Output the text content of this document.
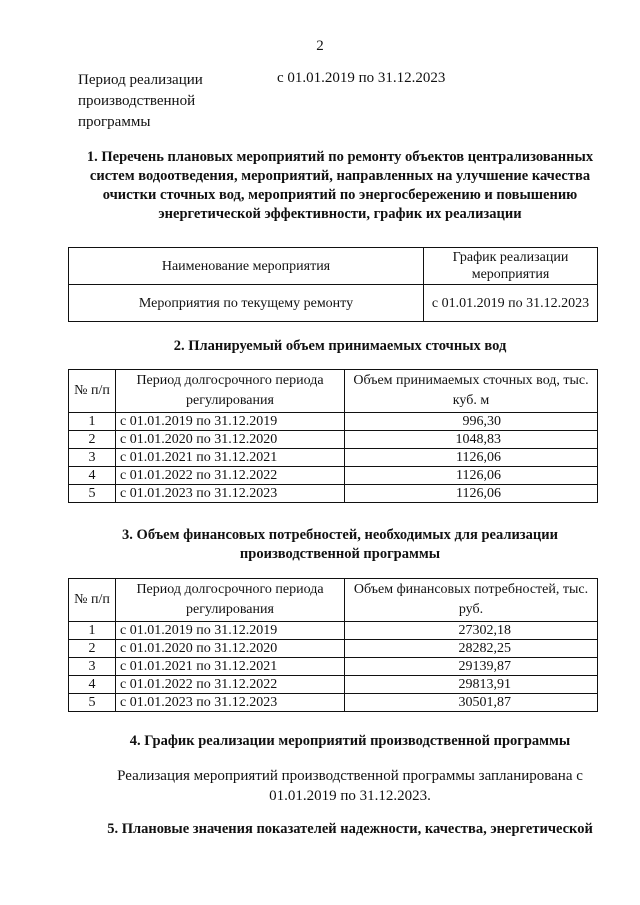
2
Период реализации производственной программы
с 01.01.2019 по 31.12.2023
1. Перечень плановых мероприятий по ремонту объектов централизованных систем водоотведения, мероприятий, направленных на улучшение качества очистки сточных вод, мероприятий по энергосбережению и повышению энергетической эффективности, график их реализации
Наименование мероприятия	График реализации мероприятия
Мероприятия по текущему ремонту	с 01.01.2019 по 31.12.2023
2. Планируемый объем принимаемых сточных вод
№ п/п	Период долгосрочного периода регулирования	Объем принимаемых сточных вод, тыс. куб. м
1	с 01.01.2019 по 31.12.2019	996,30
2	с 01.01.2020 по 31.12.2020	1048,83
3	с 01.01.2021 по 31.12.2021	1126,06
4	с 01.01.2022 по 31.12.2022	1126,06
5	с 01.01.2023 по 31.12.2023	1126,06
3. Объем финансовых потребностей, необходимых для реализации производственной программы
№ п/п	Период долгосрочного периода регулирования	Объем финансовых потребностей, тыс. руб.
1	с 01.01.2019 по 31.12.2019	27302,18
2	с 01.01.2020 по 31.12.2020	28282,25
3	с 01.01.2021 по 31.12.2021	29139,87
4	с 01.01.2022 по 31.12.2022	29813,91
5	с 01.01.2023 по 31.12.2023	30501,87
4. График реализации мероприятий производственной программы
Реализация мероприятий производственной программы запланирована с 01.01.2019 по 31.12.2023.
5. Плановые значения показателей надежности, качества, энергетической
